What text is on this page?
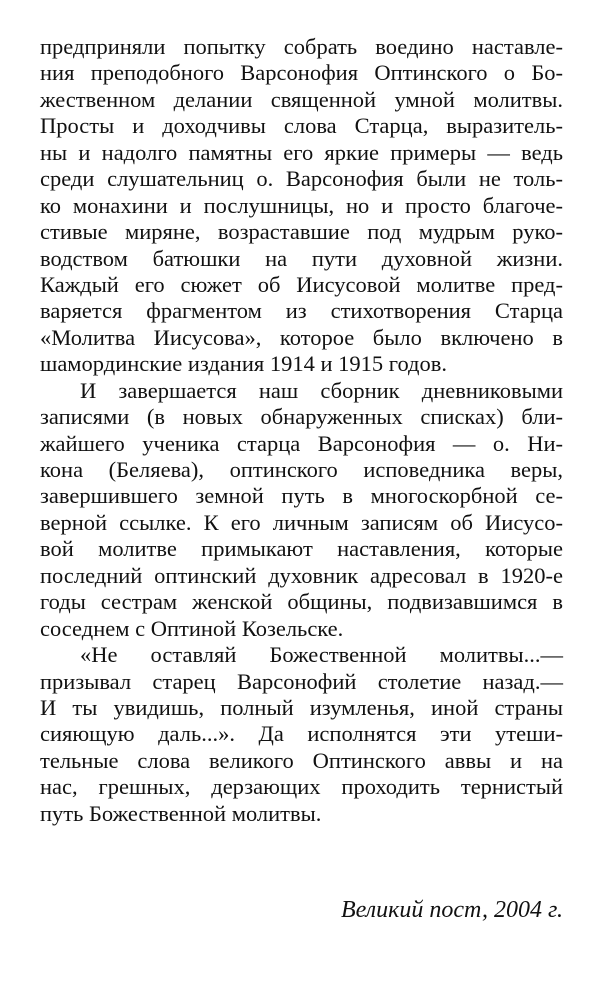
предприняли попытку собрать воедино наставле-
ния преподобного Варсонофия Оптинского о Бо-
жественном делании священной умной молитвы.
Просты и доходчивы слова Старца, выразитель-
ны и надолго памятны его яркие примеры — ведь
среди слушательниц о. Варсонофия были не толь-
ко монахини и послушницы, но и просто благоче-
стивые миряне, возраставшие под мудрым руко-
водством батюшки на пути духовной жизни.
Каждый его сюжет об Иисусовой молитве пред-
варяется фрагментом из стихотворения Старца
«Молитва Иисусова», которое было включено в
шамординские издания 1914 и 1915 годов.
И завершается наш сборник дневниковыми
записями (в новых обнаруженных списках) бли-
жайшего ученика старца Варсонофия — о. Ни-
кона (Беляева), оптинского исповедника веры,
завершившего земной путь в многоскорбной се-
верной ссылке. К его личным записям об Иисусо-
вой молитве примыкают наставления, которые
последний оптинский духовник адресовал в 1920-е
годы сестрам женской общины, подвизавшимся в
соседнем с Оптиной Козельске.
«Не оставляй Божественной молитвы...—
призывал старец Варсонофий столетие назад.—
И ты увидишь, полный изумленья, иной страны
сияющую даль...». Да исполнятся эти утеши-
тельные слова великого Оптинского аввы и на
нас, грешных, дерзающих проходить тернистый
путь Божественной молитвы.
Великий пост, 2004 г.
